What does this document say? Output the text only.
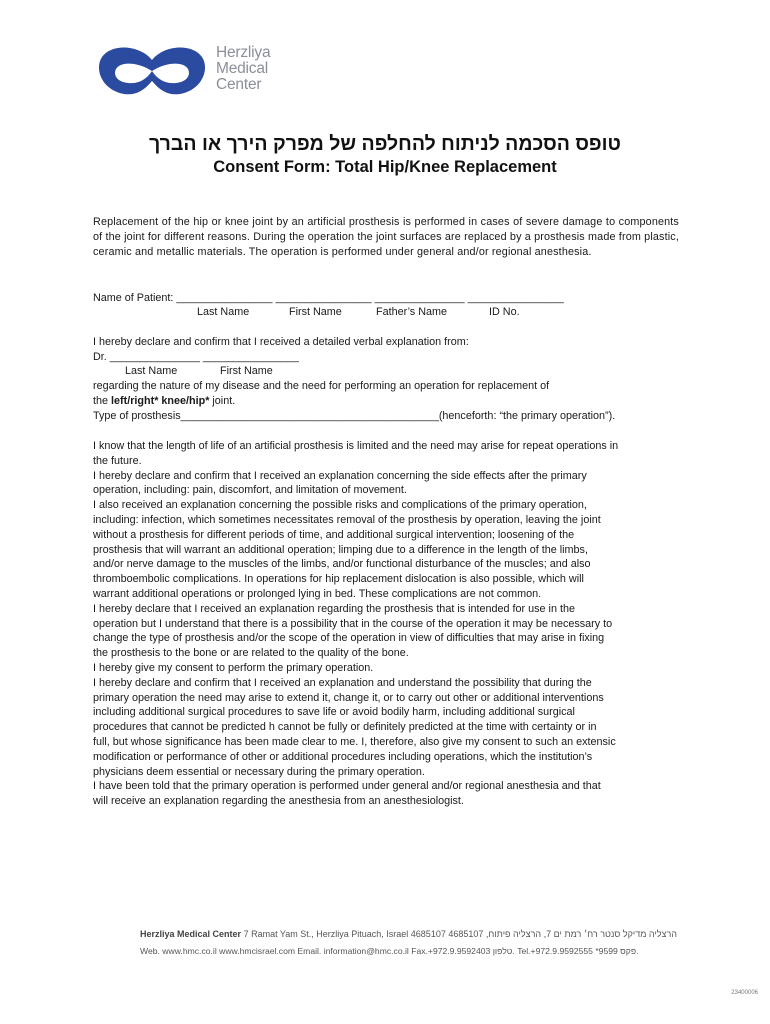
Herzliya
Medical
Center
טופס הסכמה לניתוח להחלפה של מפרק הירך או הברך
Consent Form: Total Hip/Knee Replacement
Replacement of the hip or knee joint by an artificial prosthesis is performed in cases of severe damage to components of the joint for different reasons. During the operation the joint surfaces are replaced by a prosthesis made from plastic, ceramic and metallic materials. The operation is performed under general and/or regional anesthesia.
Name of Patient: ________________ ________________ _______________ ________________
Last Name	First Name	Father’s Name	ID No.
I hereby declare and confirm that I received a detailed verbal explanation from:
Dr. _______________ ________________
Last Name	First Name
regarding the nature of my disease and the need for performing an operation for replacement of
the left/right* knee/hip* joint.
Type of prosthesis___________________________________________(henceforth: “the primary operation”).
I know that the length of life of an artificial prosthesis is limited and the need may arise for repeat operations in
the future.
I hereby declare and confirm that I received an explanation concerning the side effects after the primary
operation, including: pain, discomfort, and limitation of movement.
I also received an explanation concerning the possible risks and complications of the primary operation,
including: infection, which sometimes necessitates removal of the prosthesis by operation, leaving the joint
without a prosthesis for different periods of time, and additional surgical intervention; loosening of the
prosthesis that will warrant an additional operation; limping due to a difference in the length of the limbs,
and/or nerve damage to the muscles of the limbs, and/or functional disturbance of the muscles; and also
thromboembolic complications. In operations for hip replacement dislocation is also possible, which will
warrant additional operations or prolonged lying in bed. These complications are not common.
I hereby declare that I received an explanation regarding the prosthesis that is intended for use in the
operation but I understand that there is a possibility that in the course of the operation it may be necessary to
change the type of prosthesis and/or the scope of the operation in view of difficulties that may arise in fixing
the prosthesis to the bone or are related to the quality of the bone.
I hereby give my consent to perform the primary operation.
I hereby declare and confirm that I received an explanation and understand the possibility that during the
primary operation the need may arise to extend it, change it, or to carry out other or additional interventions
including additional surgical procedures to save life or avoid bodily harm, including additional surgical
procedures that cannot be predicted h cannot be fully or definitely predicted at the time with certainty or in
full, but whose significance has been made clear to me. I, therefore, also give my consent to such an extensic
modification or performance of other or additional procedures including operations, which the institution’s
physicians deem essential or necessary during the primary operation.
I have been told that the primary operation is performed under general and/or regional anesthesia and that
will receive an explanation regarding the anesthesia from an anesthesiologist.
Herzliya Medical Center 7 Ramat Yam St., Herzliya Pituach, Israel 4685107 הרצליה מדיקל סנטר רח׳ רמת ים 7, הרצליה פיתוח, 4685107
Web. www.hmc.co.il www.hmcisrael.com Email. information@hmc.co.il Fax.+972.9.9592403 .פקס Tel.+972.9.9592555 *9599 .טלפון
23400006
